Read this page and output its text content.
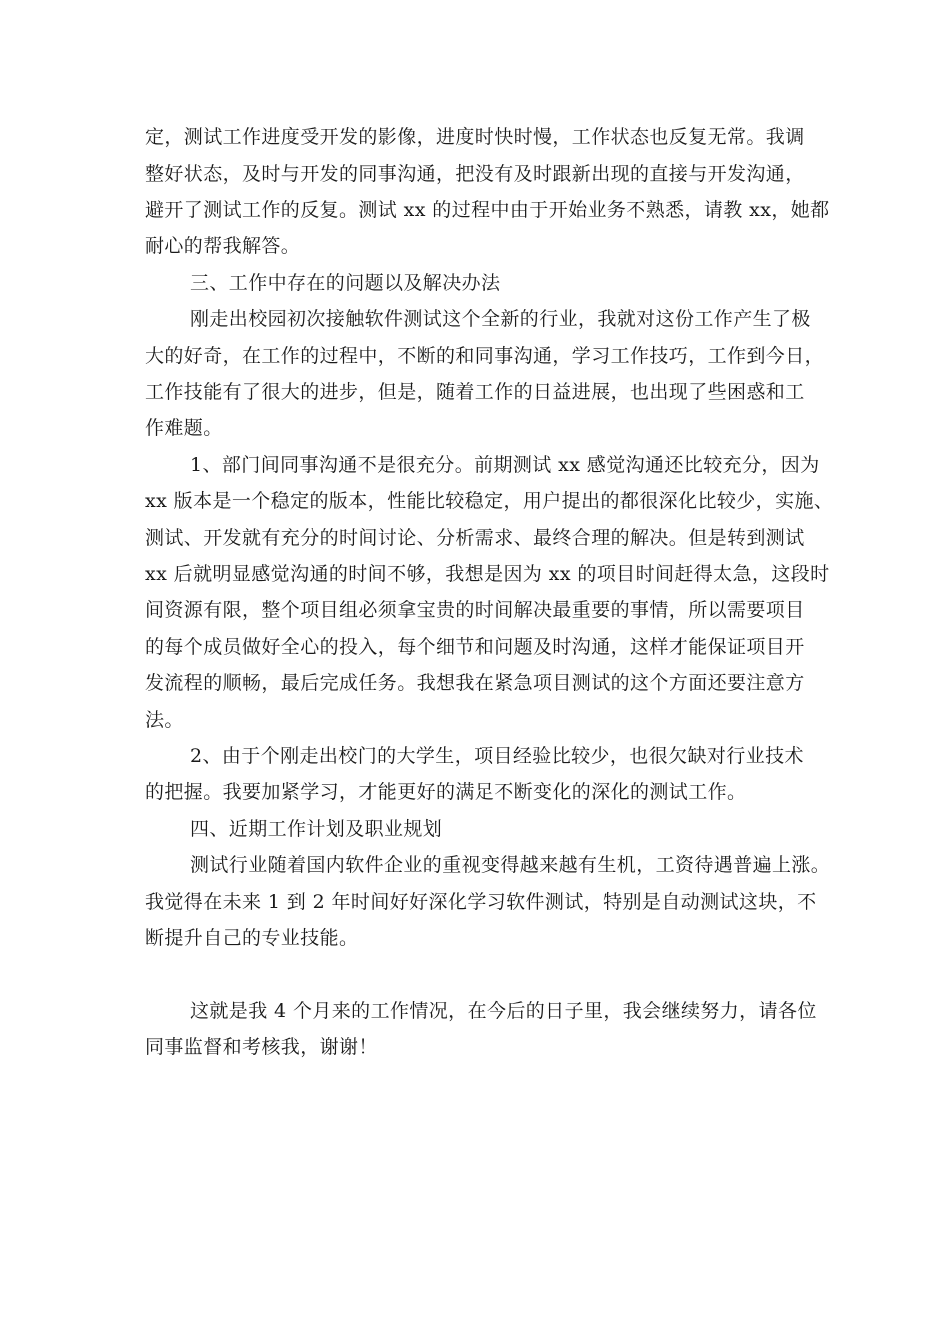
定，测试工作进度受开发的影像，进度时快时慢，工作状态也反复无常。我调
整好状态，及时与开发的同事沟通，把没有及时跟新出现的直接与开发沟通，
避开了测试工作的反复。测试 xx 的过程中由于开始业务不熟悉，请教 xx，她都
耐心的帮我解答。
三、工作中存在的问题以及解决办法
刚走出校园初次接触软件测试这个全新的行业，我就对这份工作产生了极
大的好奇，在工作的过程中，不断的和同事沟通，学习工作技巧，工作到今日，
工作技能有了很大的进步，但是，随着工作的日益进展，也出现了些困惑和工
作难题。
1、部门间同事沟通不是很充分。前期测试 xx 感觉沟通还比较充分，因为
xx 版本是一个稳定的版本，性能比较稳定，用户提出的都很深化比较少，实施、
测试、开发就有充分的时间讨论、分析需求、最终合理的解决。但是转到测试
xx 后就明显感觉沟通的时间不够，我想是因为 xx 的项目时间赶得太急，这段时
间资源有限，整个项目组必须拿宝贵的时间解决最重要的事情，所以需要项目
的每个成员做好全心的投入，每个细节和问题及时沟通，这样才能保证项目开
发流程的顺畅，最后完成任务。我想我在紧急项目测试的这个方面还要注意方
法。
2、由于个刚走出校门的大学生，项目经验比较少，也很欠缺对行业技术
的把握。我要加紧学习，才能更好的满足不断变化的深化的测试工作。
四、近期工作计划及职业规划
测试行业随着国内软件企业的重视变得越来越有生机，工资待遇普遍上涨。
我觉得在未来 1 到 2 年时间好好深化学习软件测试，特别是自动测试这块，不
断提升自己的专业技能。
这就是我 4 个月来的工作情况，在今后的日子里，我会继续努力，请各位
同事监督和考核我，谢谢！
